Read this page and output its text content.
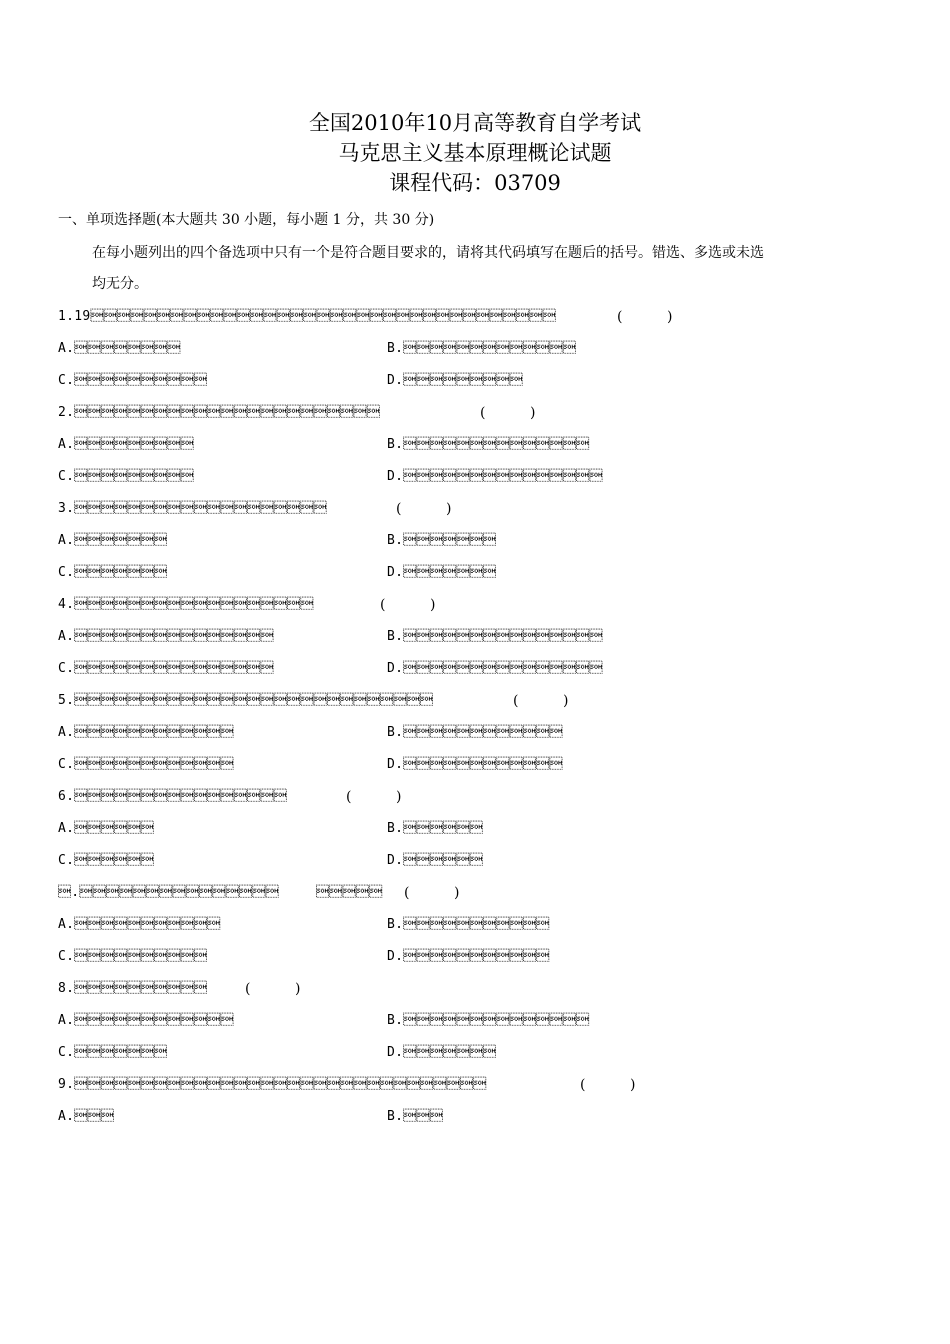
全国2010年10月高等教育自学考试
马克思主义基本原理概论试题
课程代码：03709
一、单项选择题(本大题共 30 小题，每小题 1 分，共 30 分)
在每小题列出的四个备选项中只有一个是符合题目要求的，请将其代码填写在题后的括号。错选、多选或未选
均无分。
1.19	(          )
A.	B.
C.	D.
2.	(          )
A.	B.
C.	D.
3.	(          )
A.	B.
C.	D.
4.	(          )
A.	B.
C.	D.
5.	(          )
A.	B.
C.	D.
6.	(          )
A.	B.
C.	D.
.	 (          )
A.	B.
C.	D.
8.	(          )
A.	B.
C.	D.
9.	(          )
A.	B.
